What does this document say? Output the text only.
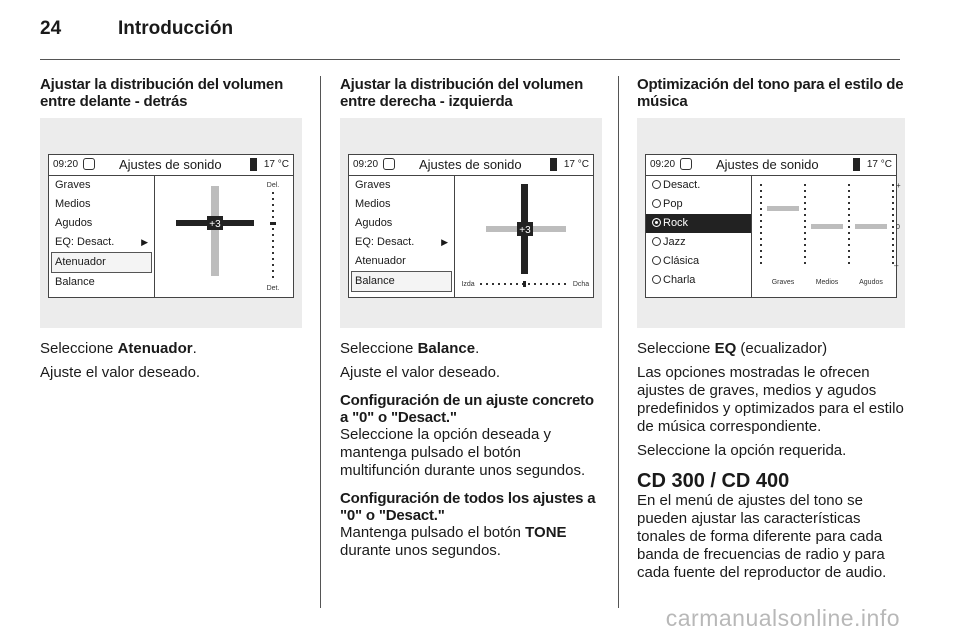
24	Introducción
Ajustar la distribución del volumen entre delante - detrás
09:20	Ajustes de sonido	17 °C
Graves
Medios
Agudos
EQ: Desact.	▶
Atenuador
Balance
+3
Del.
Det.

Seleccione Atenuador.

Ajuste el valor deseado.

Ajustar la distribución del volumen entre derecha - izquierda
09:20	Ajustes de sonido	17 °C
Graves
Medios
Agudos
EQ: Desact.	▶
Atenuador
Balance
+3
Izda	Dcha

Seleccione Balance.

Ajuste el valor deseado.

Configuración de un ajuste concreto a "0" o "Desact."

Seleccione la opción deseada y mantenga pulsado el botón multifunción durante unos segundos.

Configuración de todos los ajustes a "0" o "Desact."

Mantenga pulsado el botón TONE durante unos segundos.

Optimización del tono para el estilo de música
09:20	Ajustes de sonido	17 °C
Desact.
Pop
Rock
Jazz
Clásica
Charla
+
0
–
Graves	Medios	Agudos

Seleccione EQ (ecualizador)

Las opciones mostradas le ofrecen ajustes de graves, medios y agudos predefinidos y optimizados para el estilo de música correspondiente.

Seleccione la opción requerida.

CD 300 / CD 400

En el menú de ajustes del tono se pueden ajustar las características tonales de forma diferente para cada banda de frecuencias de radio y para cada fuente del reproductor de audio.

carmanualsonline.info
